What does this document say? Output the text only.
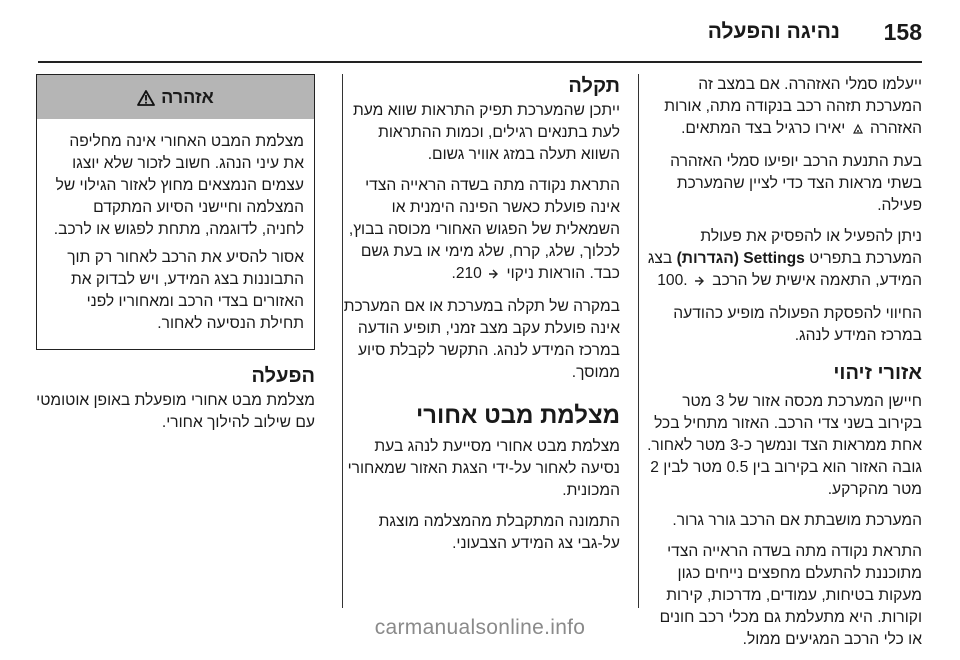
158
נהיגה והפעלה

ייעלמו סמלי האזהרה. אם במצב זה המערכת תזהה רכב בנקודה מתה, אורות האזהרה  יאירו כרגיל בצד המתאים.

בעת התנעת הרכב יופיעו סמלי האזהרה בשתי מראות הצד כדי לציין שהמערכת פעילה.

ניתן להפעיל או להפסיק את פעולת המערכת בתפריט Settings (הגדרות) בצג המידע, התאמה אישית של הרכב  .100

החיווי להפסקת הפעולה מופיע כהודעה במרכז המידע לנהג.

אזורי זיהוי

חיישן המערכת מכסה אזור של 3 מטר בקירוב בשני צדי הרכב. האזור מתחיל בכל אחת ממראות הצד ונמשך כ-3 מטר לאחור. גובה האזור הוא בקירוב בין 0.5 מטר לבין 2 מטר מהקרקע.

המערכת מושבתת אם הרכב גורר גרור.

התראת נקודה מתה בשדה הראייה הצדי מתוכננת להתעלם מחפצים נייחים כגון מעקות בטיחות, עמודים, מדרכות, קירות וקורות. היא מתעלמת גם מכלי רכב חונים או כלי הרכב המגיעים ממול.

תקלה

ייתכן שהמערכת תפיק התראות שווא מעת לעת בתנאים רגילים, וכמות ההתראות השווא תעלה במזג אוויר גשום.

התראת נקודה מתה בשדה הראייה הצדי אינה פועלת כאשר הפינה הימנית או השמאלית של הפגוש האחורי מכוסה בבוץ, לכלוך, שלג, קרח, שלג מימי או בעת גשם כבד. הוראות ניקוי  210.

במקרה של תקלה במערכת או אם המערכת אינה פועלת עקב מצב זמני, תופיע הודעה במרכז המידע לנהג. התקשר לקבלת סיוע ממוסך.

מצלמת מבט אחורי

מצלמת מבט אחורי מסייעת לנהג בעת נסיעה לאחור על-ידי הצגת האזור שמאחורי המכונית.

התמונה המתקבלת מהמצלמה מוצגת על-גבי צג המידע הצבעוני.

אזהרה

מצלמת המבט האחורי אינה מחליפה את עיני הנהג. חשוב לזכור שלא יוצגו עצמים הנמצאים מחוץ לאזור הגילוי של המצלמה וחיישני הסיוע המתקדם לחניה, לדוגמה, מתחת לפגוש או לרכב.

אסור להסיע את הרכב לאחור רק תוך התבוננות בצג המידע, ויש לבדוק את האזורים בצדי הרכב ומאחוריו לפני תחילת הנסיעה לאחור.

הפעלה

מצלמת מבט אחורי מופעלת באופן אוטומטי עם שילוב להילוך אחורי.

carmanualsonline.info
